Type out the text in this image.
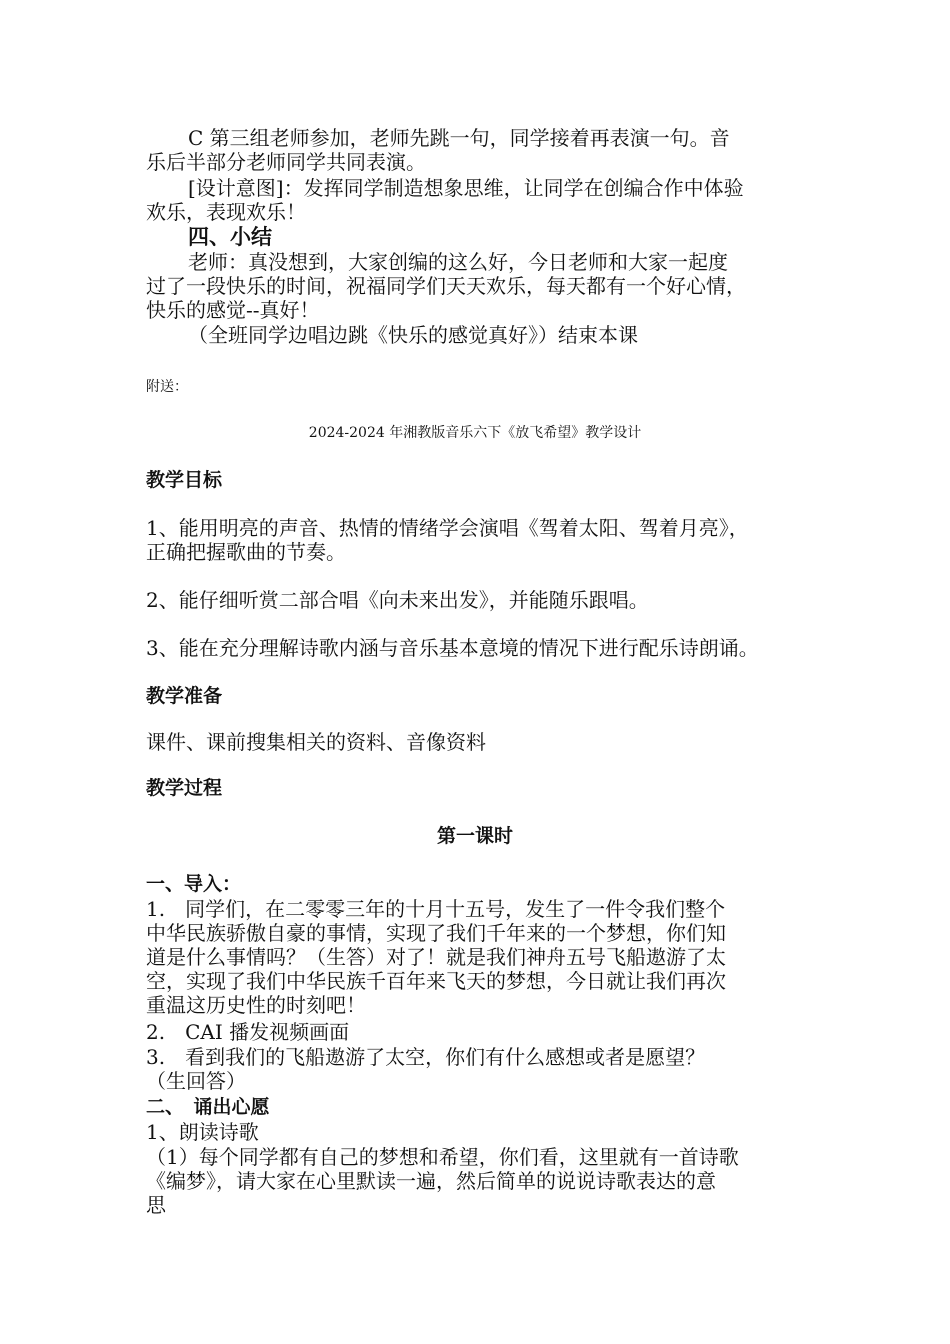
C 第三组老师参加，老师先跳一句，同学接着再表演一句。音
乐后半部分老师同学共同表演。
[设计意图]：发挥同学制造想象思维，让同学在创编合作中体验
欢乐，表现欢乐！
四、小结
老师：真没想到，大家创编的这么好，今日老师和大家一起度
过了一段快乐的时间，祝福同学们天天欢乐，每天都有一个好心情，
快乐的感觉--真好！
（全班同学边唱边跳《快乐的感觉真好》）结束本课
附送：
2024-2024 年湘教版音乐六下《放飞希望》教学设计
教学目标
1、能用明亮的声音、热情的情绪学会演唱《驾着太阳、驾着月亮》，
正确把握歌曲的节奏。
2、能仔细听赏二部合唱《向未来出发》，并能随乐跟唱。
3、能在充分理解诗歌内涵与音乐基本意境的情况下进行配乐诗朗诵。
教学准备
课件、课前搜集相关的资料、音像资料
教学过程
第一课时
一、导入：
1.　同学们，在二零零三年的十月十五号，发生了一件令我们整个
中华民族骄傲自豪的事情，实现了我们千年来的一个梦想，你们知
道是什么事情吗？（生答）对了！就是我们神舟五号飞船遨游了太
空，实现了我们中华民族千百年来飞天的梦想，今日就让我们再次
重温这历史性的时刻吧！
2.　CAI 播发视频画面
3.　看到我们的飞船遨游了太空，你们有什么感想或者是愿望？
（生回答）
二、　诵出心愿
1、朗读诗歌
（1）每个同学都有自己的梦想和希望，你们看，这里就有一首诗歌
《编梦》，请大家在心里默读一遍，然后简单的说说诗歌表达的意
思
